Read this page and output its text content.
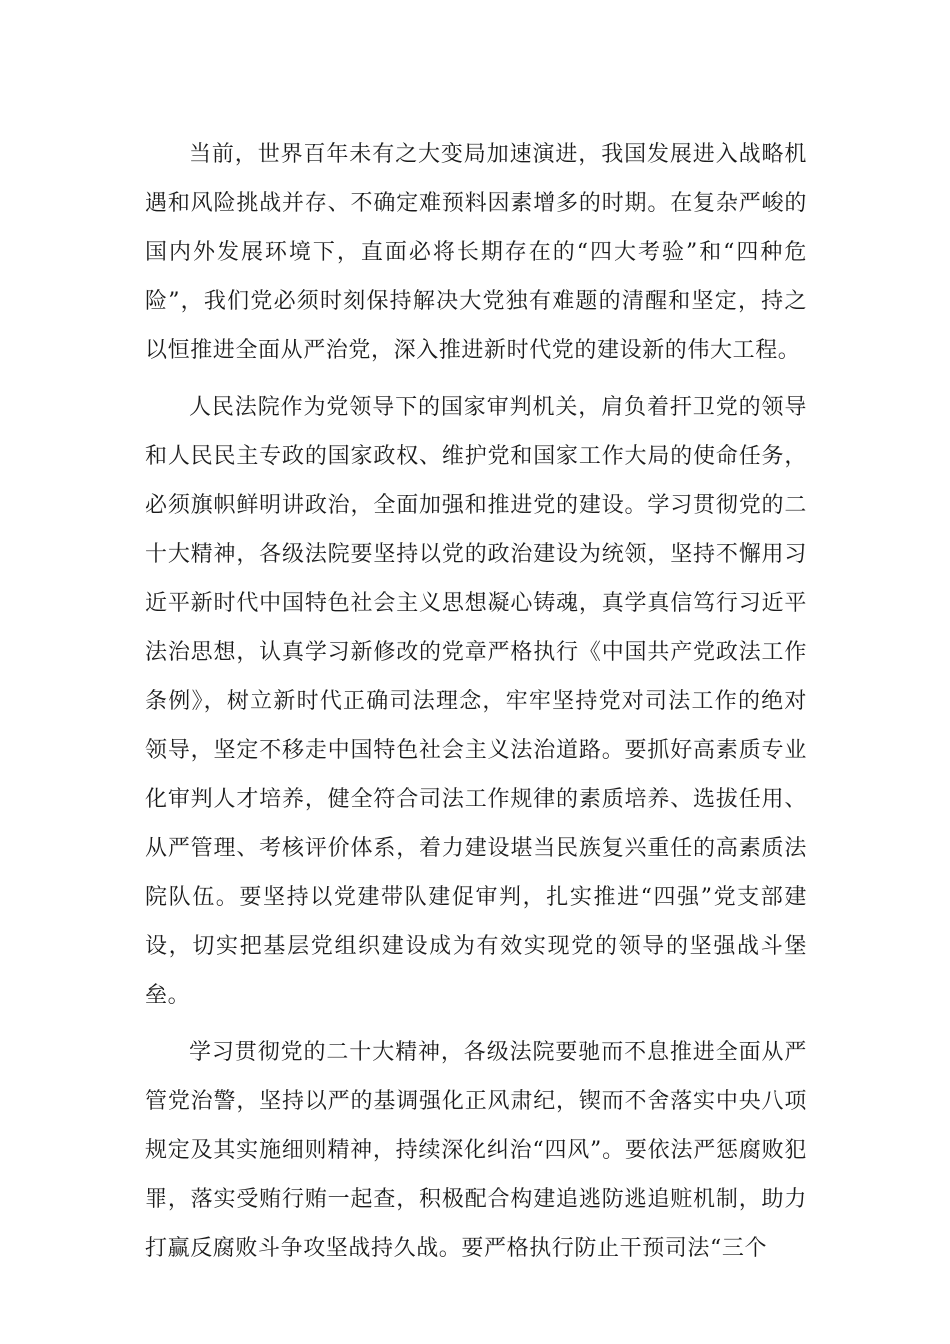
当前，世界百年未有之大变局加速演进，我国发展进入战略机遇和风险挑战并存、不确定难预料因素增多的时期。在复杂严峻的国内外发展环境下，直面必将长期存在的“四大考验”和“四种危险”，我们党必须时刻保持解决大党独有难题的清醒和坚定，持之以恒推进全面从严治党，深入推进新时代党的建设新的伟大工程。

人民法院作为党领导下的国家审判机关，肩负着扞卫党的领导和人民民主专政的国家政权、维护党和国家工作大局的使命任务，必须旗帜鲜明讲政治，全面加强和推进党的建设。学习贯彻党的二十大精神，各级法院要坚持以党的政治建设为统领，坚持不懈用习近平新时代中国特色社会主义思想凝心铸魂，真学真信笃行习近平法治思想，认真学习新修改的党章严格执行《中国共产党政法工作条例》，树立新时代正确司法理念，牢牢坚持党对司法工作的绝对领导，坚定不移走中国特色社会主义法治道路。要抓好高素质专业化审判人才培养，健全符合司法工作规律的素质培养、选拔任用、从严管理、考核评价体系，着力建设堪当民族复兴重任的高素质法院队伍。要坚持以党建带队建促审判，扎实推进“四强”党支部建设，切实把基层党组织建设成为有效实现党的领导的坚强战斗堡垒。

学习贯彻党的二十大精神，各级法院要驰而不息推进全面从严管党治警，坚持以严的基调强化正风肃纪，锲而不舍落实中央八项规定及其实施细则精神，持续深化纠治“四风”。要依法严惩腐败犯罪，落实受贿行贿一起查，积极配合构建追逃防逃追赃机制，助力打赢反腐败斗争攻坚战持久战。要严格执行防止干预司法“三个
